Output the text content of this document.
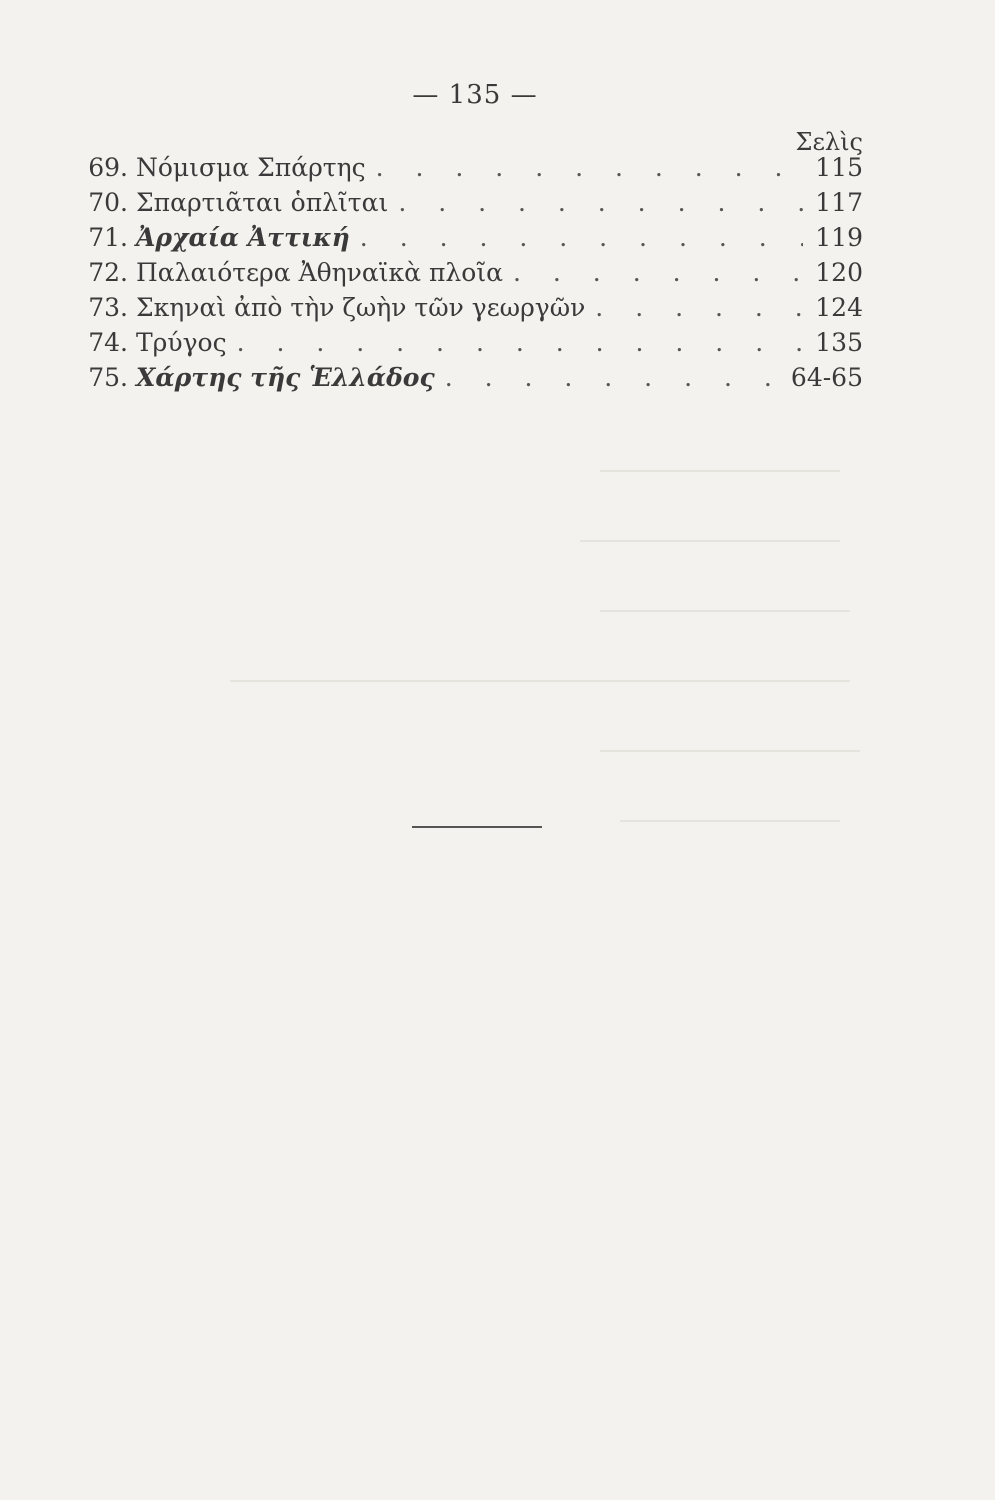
— 135 —
Σελὶς
69. Νόμισμα Σπάρτης . . .	115
70. Σπαρτιᾶται ὁπλῖται . . .	117
71. Ἀρχαία Ἀττική . . .	119
72. Παλαιότερα Ἀθηναϊκὰ πλοῖα . . .	120
73. Σκηναὶ ἀπὸ τὴν ζωὴν τῶν γεωργῶν . . .	124
74. Τρύγος . . .	135
75. Χάρτης τῆς Ἑλλάδος . . .	64-65
